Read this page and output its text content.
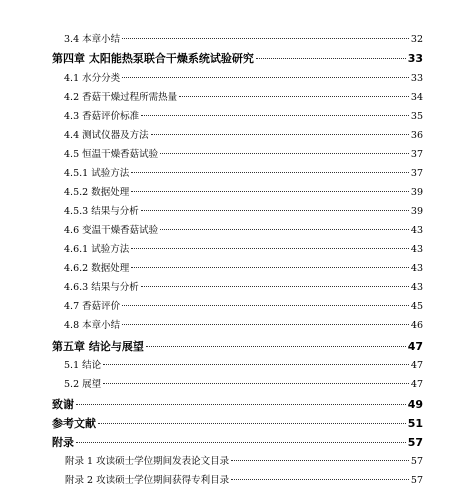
3.4 本章小结	32
第四章 太阳能热泵联合干燥系统试验研究	33
4.1 水分分类	33
4.2 香菇干燥过程所需热量	34
4.3 香菇评价标准	35
4.4 测试仪器及方法	36
4.5 恒温干燥香菇试验	37
4.5.1 试验方法	37
4.5.2 数据处理	39
4.5.3 结果与分析	39
4.6 变温干燥香菇试验	43
4.6.1 试验方法	43
4.6.2 数据处理	43
4.6.3 结果与分析	43
4.7 香菇评价	45
4.8 本章小结	46
第五章 结论与展望	47
5.1 结论	47
5.2 展望	47
致谢	49
参考文献	51
附录	57
附录 1 攻读硕士学位期间发表论文目录	57
附录 2 攻读硕士学位期间获得专利目录	57
